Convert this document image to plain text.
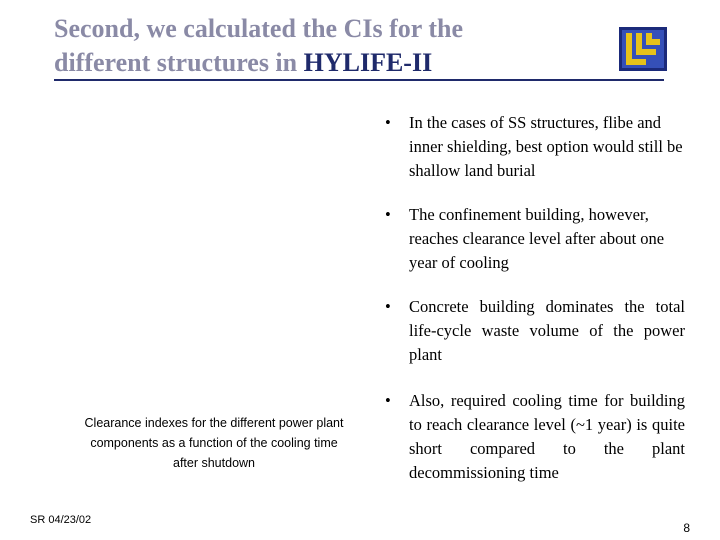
Second, we calculated the CIs for the
different structures in HYLIFE-II
• In the cases of SS structures, flibe and inner shielding, best option would still be shallow land burial
• The confinement building, however, reaches clearance level after about one year of cooling
• Concrete building dominates the total life-cycle waste volume of the power plant
• Also, required cooling time for building to reach clearance level (~1 year) is quite short compared to the plant decommissioning time
Clearance indexes for the different power plant components as a function of the cooling time after shutdown
SR 04/23/02
8
